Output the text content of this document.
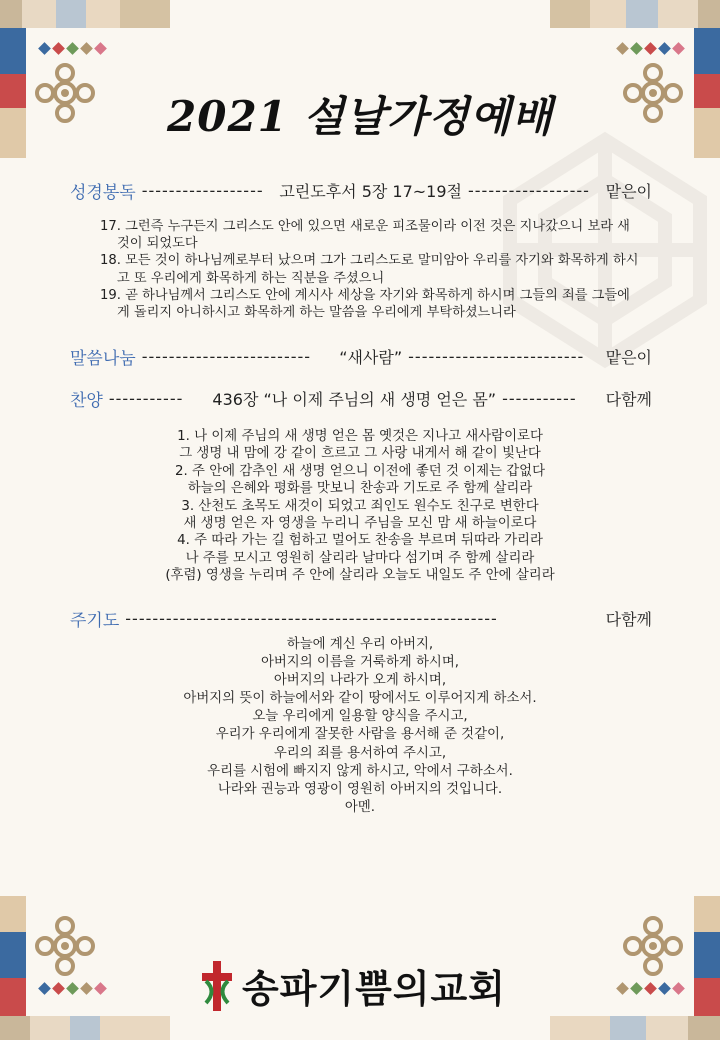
2021 설날가정예배
성경봉독 ------------------ 고린도후서 5장 17~19절 ------------------ 맡은이
17. 그런즉 누구든지 그리스도 안에 있으면 새로운 피조물이라 이전 것은 지나갔으니 보라 새것이 되었도다
18. 모든 것이 하나님께로부터 났으며 그가 그리스도로 말미암아 우리를 자기와 화목하게 하시고 또 우리에게 화목하게 하는 직분을 주셨으니
19. 곧 하나님께서 그리스도 안에 계시사 세상을 자기와 화목하게 하시며 그들의 죄를 그들에게 돌리지 아니하시고 화목하게 하는 말씀을 우리에게 부탁하셨느니라
말씀나눔 -------------------------	“새사람” --------------------------	맡은이
찬양 -----------	436장 “나 이제 주님의 새 생명 얻은 몸” -----------	다함께
1. 나 이제 주님의 새 생명 얻은 몸 옛것은 지나고 새사람이로다
그 생명 내 맘에 강 같이 흐르고 그 사랑 내게서 해 같이 빛난다
2. 주 안에 감추인 새 생명 얻으니 이전에 좋던 것 이제는 갑없다
하늘의 은혜와 평화를 맛보니 찬송과 기도로 주 함께 살리라
3. 산천도 초목도 새것이 되었고 죄인도 원수도 친구로 변한다
새 생명 얻은 자 영생을 누리니 주님을 모신 맘 새 하늘이로다
4. 주 따라 가는 길 험하고 멀어도 찬송을 부르며 뒤따라 가리라
나 주를 모시고 영원히 살리라 날마다 섬기며 주 함께 살리라
(후렴) 영생을 누리며 주 안에 살리라 오늘도 내일도 주 안에 살리라
주기도 -------------------------------------------------------	다함께
하늘에 계신 우리 아버지,
아버지의 이름을 거룩하게 하시며,
아버지의 나라가 오게 하시며,
아버지의 뜻이 하늘에서와 같이 땅에서도 이루어지게 하소서.
오늘 우리에게 일용할 양식을 주시고,
우리가 우리에게 잘못한 사람을 용서해 준 것같이,
우리의 죄를 용서하여 주시고,
우리를 시험에 빠지지 않게 하시고, 악에서 구하소서.
나라와 권능과 영광이 영원히 아버지의 것입니다.
아멘.
송파기쁨의교회
